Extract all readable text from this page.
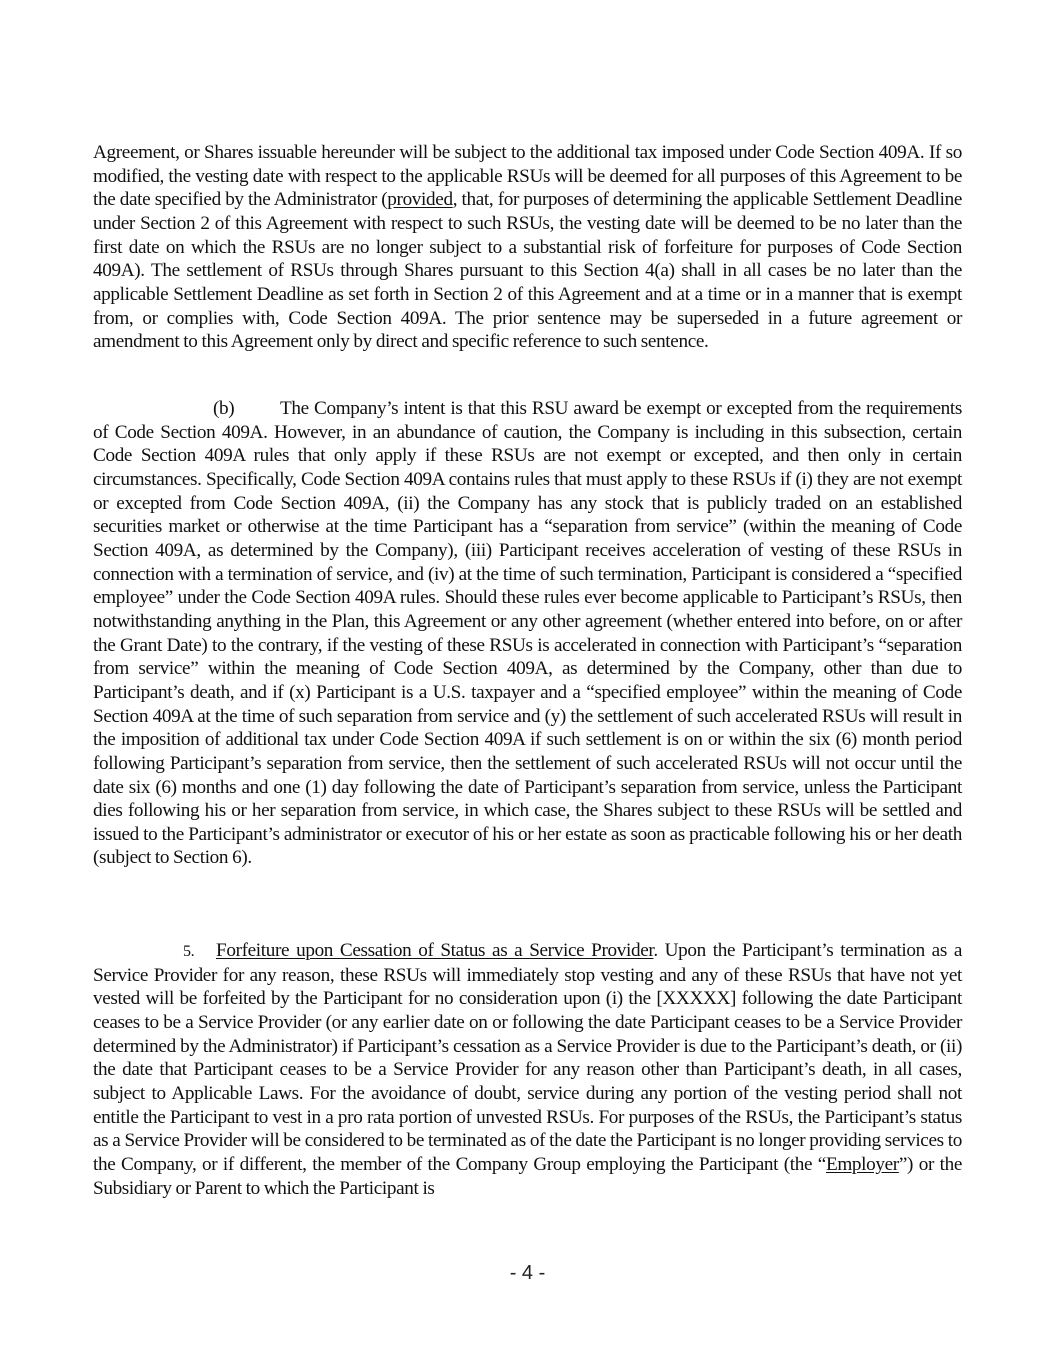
Agreement, or Shares issuable hereunder will be subject to the additional tax imposed under Code Section 409A. If so modified, the vesting date with respect to the applicable RSUs will be deemed for all purposes of this Agreement to be the date specified by the Administrator (provided, that, for purposes of determining the applicable Settlement Deadline under Section 2 of this Agreement with respect to such RSUs, the vesting date will be deemed to be no later than the first date on which the RSUs are no longer subject to a substantial risk of forfeiture for purposes of Code Section 409A). The settlement of RSUs through Shares pursuant to this Section 4(a) shall in all cases be no later than the applicable Settlement Deadline as set forth in Section 2 of this Agreement and at a time or in a manner that is exempt from, or complies with, Code Section 409A. The prior sentence may be superseded in a future agreement or amendment to this Agreement only by direct and specific reference to such sentence.

(b) The Company’s intent is that this RSU award be exempt or excepted from the requirements of Code Section 409A. However, in an abundance of caution, the Company is including in this subsection, certain Code Section 409A rules that only apply if these RSUs are not exempt or excepted, and then only in certain circumstances. Specifically, Code Section 409A contains rules that must apply to these RSUs if (i) they are not exempt or excepted from Code Section 409A, (ii) the Company has any stock that is publicly traded on an established securities market or otherwise at the time Participant has a “separation from service” (within the meaning of Code Section 409A, as determined by the Company), (iii) Participant receives acceleration of vesting of these RSUs in connection with a termination of service, and (iv) at the time of such termination, Participant is considered a “specified employee” under the Code Section 409A rules. Should these rules ever become applicable to Participant’s RSUs, then notwithstanding anything in the Plan, this Agreement or any other agreement (whether entered into before, on or after the Grant Date) to the contrary, if the vesting of these RSUs is accelerated in connection with Participant’s “separation from service” within the meaning of Code Section 409A, as determined by the Company, other than due to Participant’s death, and if (x) Participant is a U.S. taxpayer and a “specified employee” within the meaning of Code Section 409A at the time of such separation from service and (y) the settlement of such accelerated RSUs will result in the imposition of additional tax under Code Section 409A if such settlement is on or within the six (6) month period following Participant’s separation from service, then the settlement of such accelerated RSUs will not occur until the date six (6) months and one (1) day following the date of Participant’s separation from service, unless the Participant dies following his or her separation from service, in which case, the Shares subject to these RSUs will be settled and issued to the Participant’s administrator or executor of his or her estate as soon as practicable following his or her death (subject to Section 6).

5. Forfeiture upon Cessation of Status as a Service Provider. Upon the Participant’s termination as a Service Provider for any reason, these RSUs will immediately stop vesting and any of these RSUs that have not yet vested will be forfeited by the Participant for no consideration upon (i) the [XXXXX] following the date Participant ceases to be a Service Provider (or any earlier date on or following the date Participant ceases to be a Service Provider determined by the Administrator) if Participant’s cessation as a Service Provider is due to the Participant’s death, or (ii) the date that Participant ceases to be a Service Provider for any reason other than Participant’s death, in all cases, subject to Applicable Laws. For the avoidance of doubt, service during any portion of the vesting period shall not entitle the Participant to vest in a pro rata portion of unvested RSUs. For purposes of the RSUs, the Participant’s status as a Service Provider will be considered to be terminated as of the date the Participant is no longer providing services to the Company, or if different, the member of the Company Group employing the Participant (the “Employer”) or the Subsidiary or Parent to which the Participant is

- 4 -
